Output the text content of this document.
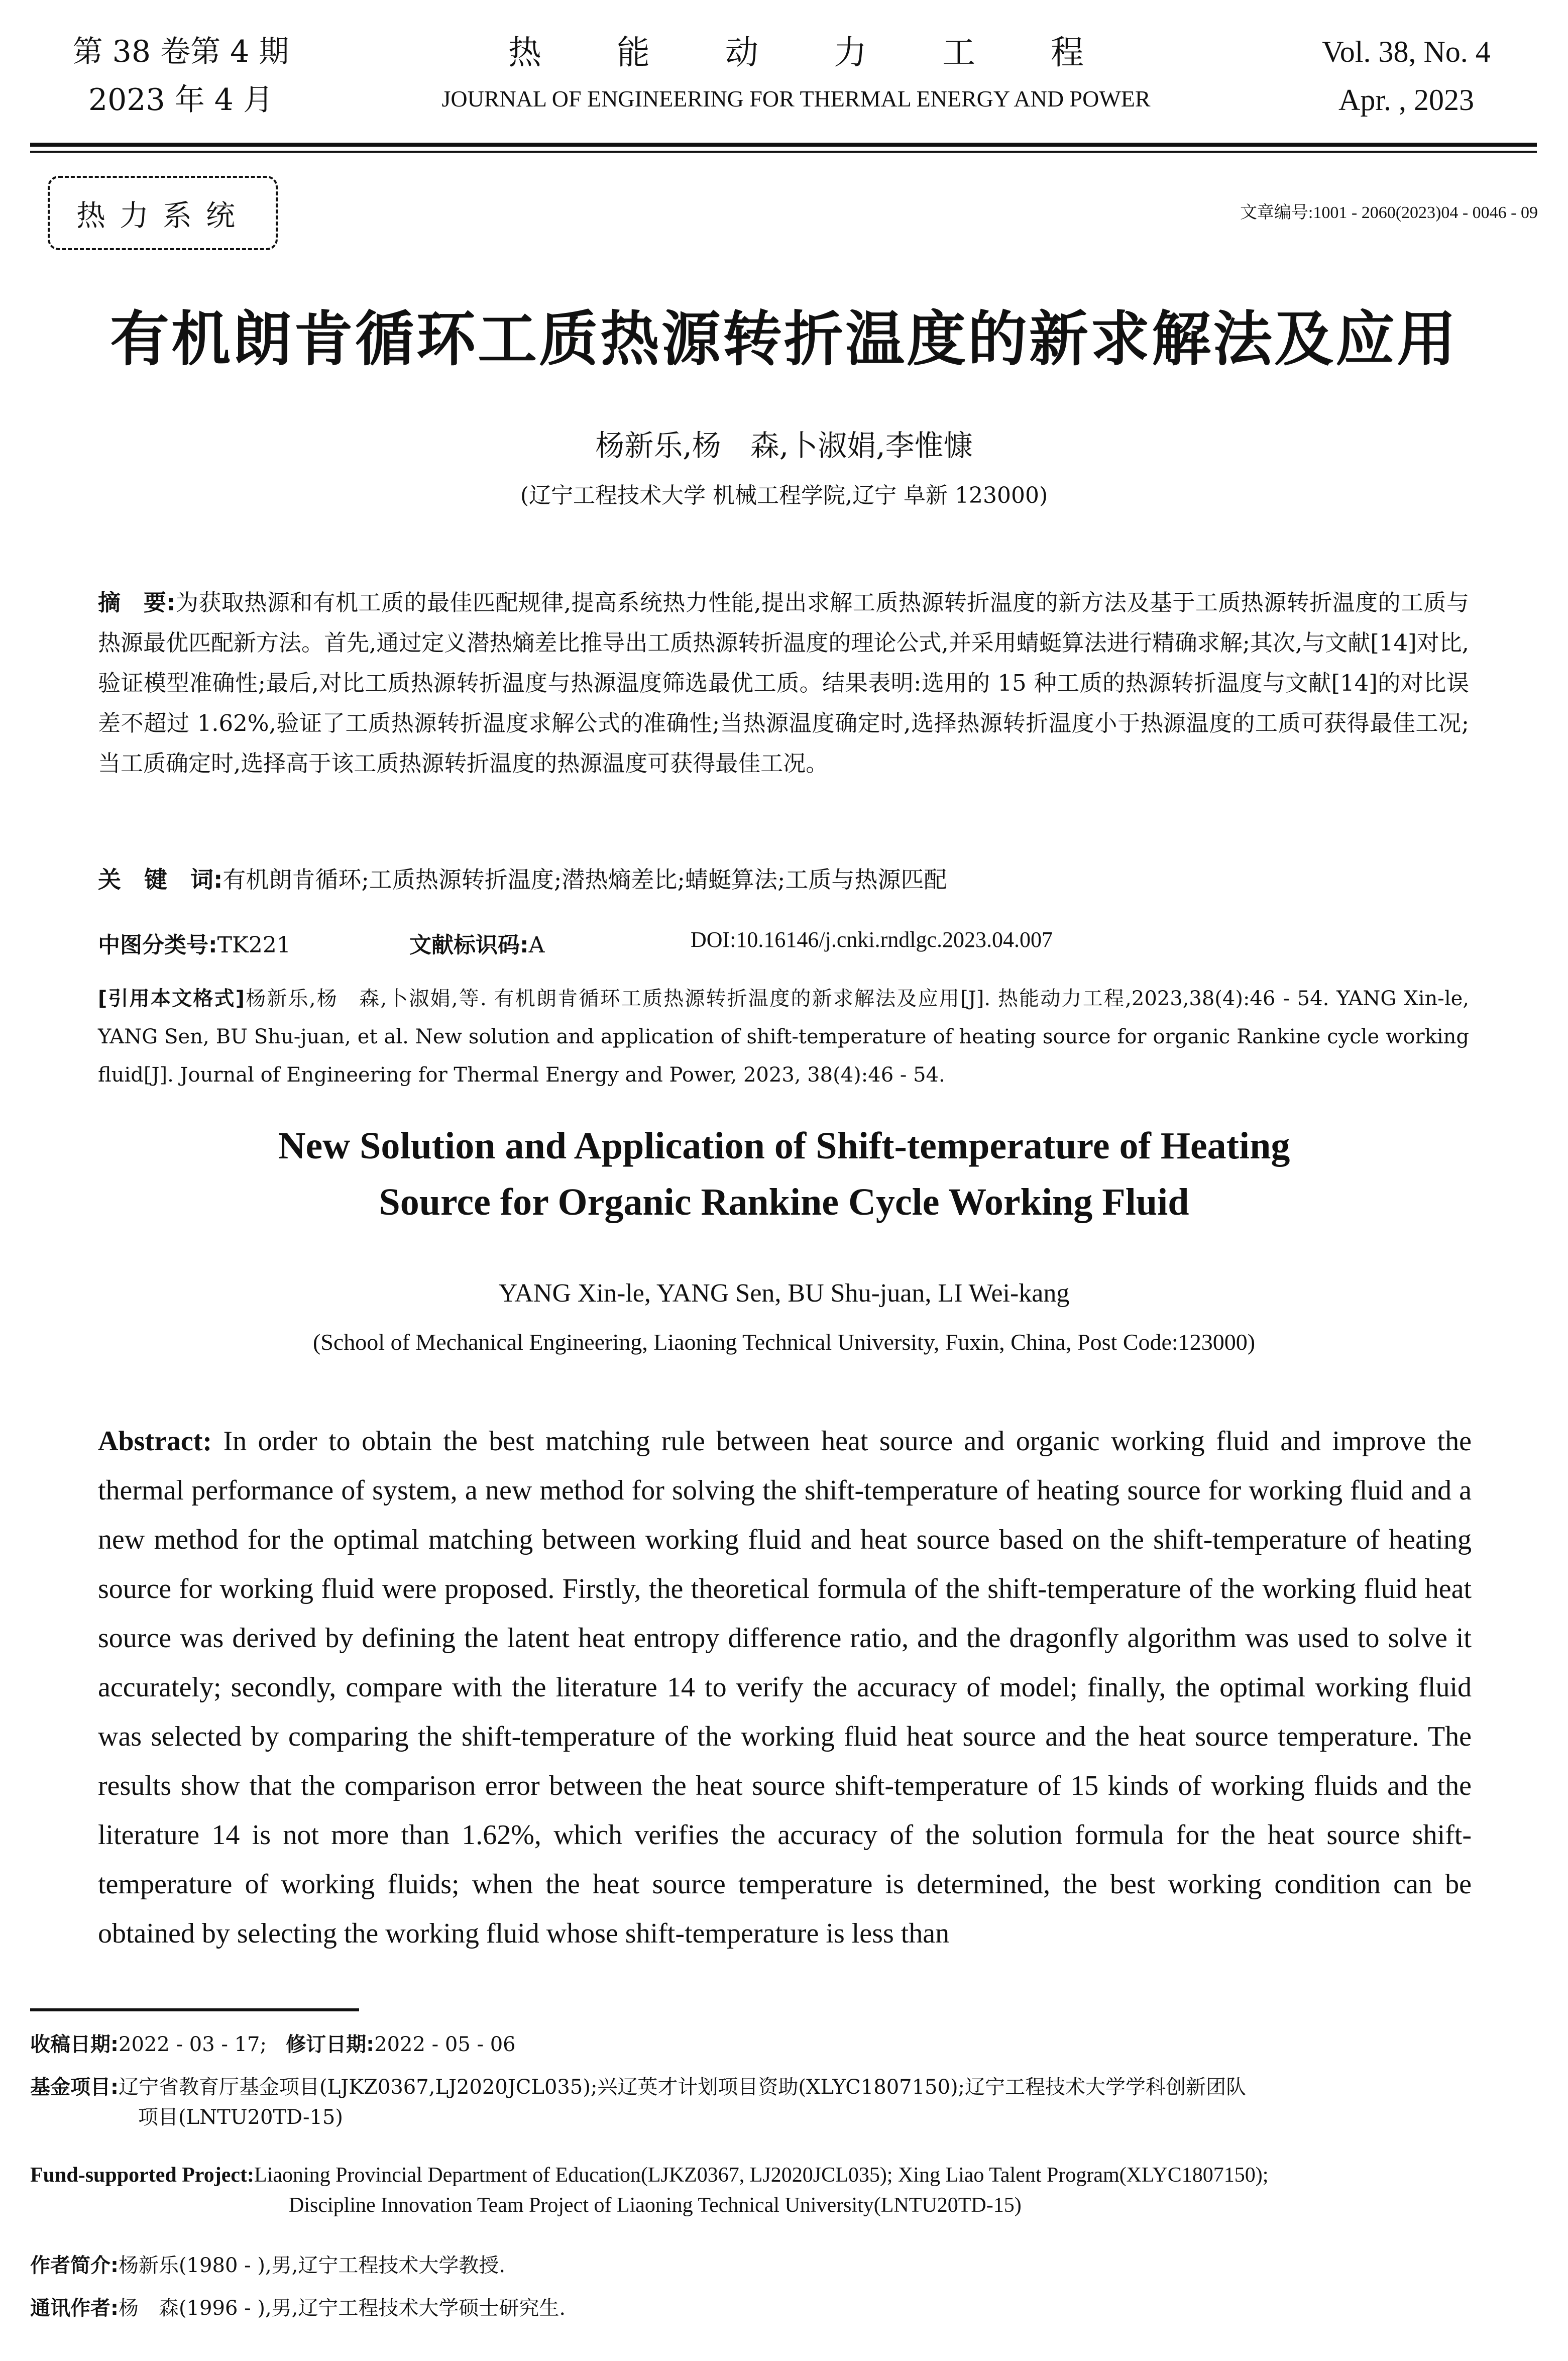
第 38 卷第 4 期
2023 年 4 月
热能动力工程
JOURNAL OF ENGINEERING FOR THERMAL ENERGY AND POWER
Vol. 38, No. 4
Apr. , 2023
热力系统	文章编号:1001 - 2060(2023)04 - 0046 - 09
有机朗肯循环工质热源转折温度的新求解法及应用
杨新乐,杨　森,卜淑娟,李惟慷
(辽宁工程技术大学 机械工程学院,辽宁 阜新 123000)
摘　要:为获取热源和有机工质的最佳匹配规律,提高系统热力性能,提出求解工质热源转折温度的新方法及基于工质热源转折温度的工质与热源最优匹配新方法。首先,通过定义潜热熵差比推导出工质热源转折温度的理论公式,并采用蜻蜓算法进行精确求解;其次,与文献[14]对比,验证模型准确性;最后,对比工质热源转折温度与热源温度筛选最优工质。结果表明:选用的 15 种工质的热源转折温度与文献[14]的对比误差不超过 1.62%,验证了工质热源转折温度求解公式的准确性;当热源温度确定时,选择热源转折温度小于热源温度的工质可获得最佳工况;当工质确定时,选择高于该工质热源转折温度的热源温度可获得最佳工况。
关　键　词:有机朗肯循环;工质热源转折温度;潜热熵差比;蜻蜓算法;工质与热源匹配
中图分类号:TK221	文献标识码:A	DOI:10.16146/j.cnki.rndlgc.2023.04.007
[引用本文格式]杨新乐,杨　森,卜淑娟,等. 有机朗肯循环工质热源转折温度的新求解法及应用[J]. 热能动力工程,2023,38(4):46 - 54. YANG Xin-le, YANG Sen, BU Shu-juan, et al. New solution and application of shift-temperature of heating source for organic Rankine cycle working fluid[J]. Journal of Engineering for Thermal Energy and Power, 2023, 38(4):46 - 54.
New Solution and Application of Shift-temperature of Heating
Source for Organic Rankine Cycle Working Fluid
YANG Xin-le, YANG Sen, BU Shu-juan, LI Wei-kang
(School of Mechanical Engineering, Liaoning Technical University, Fuxin, China, Post Code:123000)
Abstract: In order to obtain the best matching rule between heat source and organic working fluid and improve the thermal performance of system, a new method for solving the shift-temperature of heating source for working fluid and a new method for the optimal matching between working fluid and heat source based on the shift-temperature of heating source for working fluid were proposed. Firstly, the theoretical formula of the shift-temperature of the working fluid heat source was derived by defining the latent heat entropy difference ratio, and the dragonfly algorithm was used to solve it accurately; secondly, compare with the literature 14 to verify the accuracy of model; finally, the optimal working fluid was selected by comparing the shift-temperature of the working fluid heat source and the heat source temperature. The results show that the comparison error between the heat source shift-temperature of 15 kinds of working fluids and the literature 14 is not more than 1.62%, which verifies the accuracy of the solution formula for the heat source shift-temperature of working fluids; when the heat source temperature is determined, the best working condition can be obtained by selecting the working fluid whose shift-temperature is less than
收稿日期:2022 - 03 - 17; 修订日期:2022 - 05 - 06
基金项目:辽宁省教育厅基金项目(LJKZ0367,LJ2020JCL035);兴辽英才计划项目资助(XLYC1807150);辽宁工程技术大学学科创新团队
项目(LNTU20TD-15)
Fund-supported Project:Liaoning Provincial Department of Education(LJKZ0367, LJ2020JCL035); Xing Liao Talent Program(XLYC1807150);
Discipline Innovation Team Project of Liaoning Technical University(LNTU20TD-15)
作者简介:杨新乐(1980 - ),男,辽宁工程技术大学教授.
通讯作者:杨　森(1996 - ),男,辽宁工程技术大学硕士研究生.
